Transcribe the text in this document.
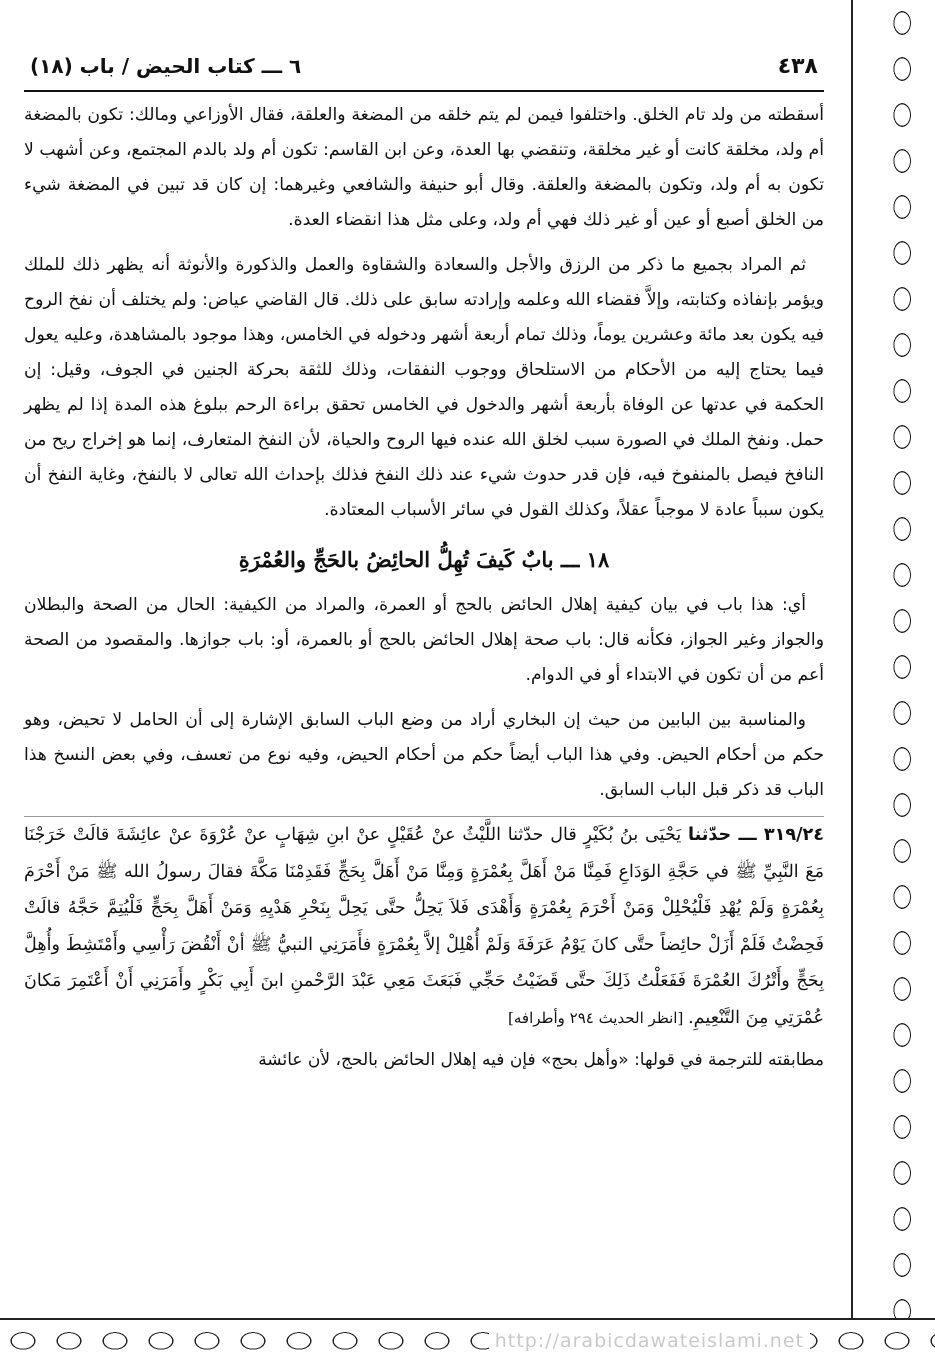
٤٣٨
٦ ـــ كتاب الحيض / باب (١٨)

أسقطته من ولد تام الخلق. واختلفوا فيمن لم يتم خلقه من المضغة والعلقة، فقال الأوزاعي ومالك: تكون بالمضغة أم ولد، مخلقة كانت أو غير مخلقة، وتنقضي بها العدة، وعن ابن القاسم: تكون أم ولد بالدم المجتمع، وعن أشهب لا تكون به أم ولد، وتكون بالمضغة والعلقة. وقال أبو حنيفة والشافعي وغيرهما: إن كان قد تبين في المضغة شيء من الخلق أصبع أو عين أو غير ذلك فهي أم ولد، وعلى مثل هذا انقضاء العدة.

ثم المراد بجميع ما ذكر من الرزق والأجل والسعادة والشقاوة والعمل والذكورة والأنوثة أنه يظهر ذلك للملك ويؤمر بإنفاذه وكتابته، وإلاَّ فقضاء الله وعلمه وإرادته سابق على ذلك. قال القاضي عياض: ولم يختلف أن نفخ الروح فيه يكون بعد مائة وعشرين يوماً، وذلك تمام أربعة أشهر ودخوله في الخامس، وهذا موجود بالمشاهدة، وعليه يعول فيما يحتاج إليه من الأحكام من الاستلحاق ووجوب النفقات، وذلك للثقة بحركة الجنين في الجوف، وقيل: إن الحكمة في عدتها عن الوفاة بأربعة أشهر والدخول في الخامس تحقق براءة الرحم ببلوغ هذه المدة إذا لم يظهر حمل. ونفخ الملك في الصورة سبب لخلق الله عنده فيها الروح والحياة، لأن النفخ المتعارف، إنما هو إخراج ريح من النافخ فيصل بالمنفوخ فيه، فإن قدر حدوث شيء عند ذلك النفخ فذلك بإحداث الله تعالى لا بالنفخ، وغاية النفخ أن يكون سبباً عادة لا موجباً عقلاً، وكذلك القول في سائر الأسباب المعتادة.

١٨ ـــ بابٌ كَيفَ تُهِلُّ الحائِضُ بالحَجِّ والعُمْرَةِ

أي: هذا باب في بيان كيفية إهلال الحائض بالحج أو العمرة، والمراد من الكيفية: الحال من الصحة والبطلان والجواز وغير الجواز، فكأنه قال: باب صحة إهلال الحائض بالحج أو بالعمرة، أو: باب جوازها. والمقصود من الصحة أعم من أن تكون في الابتداء أو في الدوام.

والمناسبة بين البابين من حيث إن البخاري أراد من وضع الباب السابق الإشارة إلى أن الحامل لا تحيض، وهو حكم من أحكام الحيض. وفي هذا الباب أيضاً حكم من أحكام الحيض، وفيه نوع من تعسف، وفي بعض النسخ هذا الباب قد ذكر قبل الباب السابق.

٣١٩/٢٤ ـــ حدّثنا يَحْيَى بنُ بُكَيْرٍ قال حدّثنا اللَّيْثُ عنْ عُقَيْلٍ عنْ ابنِ شِهَابٍ عنْ عُرْوَةَ عنْ عائِشَةَ قالَتْ خَرَجْنَا مَعَ النَّبِيِّ ﷺ في حَجَّةِ الوَدَاعِ فَمِنَّا مَنْ أَهَلَّ بِعُمْرَةٍ وَمِنَّا مَنْ أَهَلَّ بِحَجٍّ فَقَدِمْنَا مَكَّةَ فقالَ رسولُ الله ﷺ مَنْ أَحْرَمَ بِعُمْرَةٍ وَلَمْ يُهْدِ فَلْيُحْلِلْ وَمَنْ أَحْرَمَ بِعُمْرَةٍ وَأَهْدَى فَلاَ يَحِلُّ حتَّى يَحِلَّ بِنَحْرِ هَدْيِهِ وَمَنْ أَهَلَّ بِحَجٍّ فَلْيُتِمَّ حَجَّهُ قالَتْ فَحِضْتُ فَلَمْ أَزَلْ حائِضاً حتَّى كانَ يَوْمُ عَرَفَةَ وَلَمْ أُهْلِلْ إلاَّ بِعُمْرَةٍ فأَمَرَنِي النبيُّ ﷺ أنْ أَنْقُضَ رَأْسِي وأَمْتَشِطَ وأُهِلَّ بِحَجٍّ وأَتْرُكَ العُمْرَةَ فَفَعَلْتُ ذَلِكَ حتَّى قَضَيْتُ حَجِّي فَبَعَثَ مَعِي عَبْدَ الرَّحْمنِ ابنَ أَبِي بَكْرٍ وأَمَرَنِي أَنْ أَعْتَمِرَ مَكانَ عُمْرَتِي مِنَ التَّنْعِيمِ. [انظر الحديث ٢٩٤ وأطرافه]

مطابقته للترجمة في قولها: «وأهل بحج» فإن فيه إهلال الحائض بالحج، لأن عائشة

http://arabicdawateislami.net
